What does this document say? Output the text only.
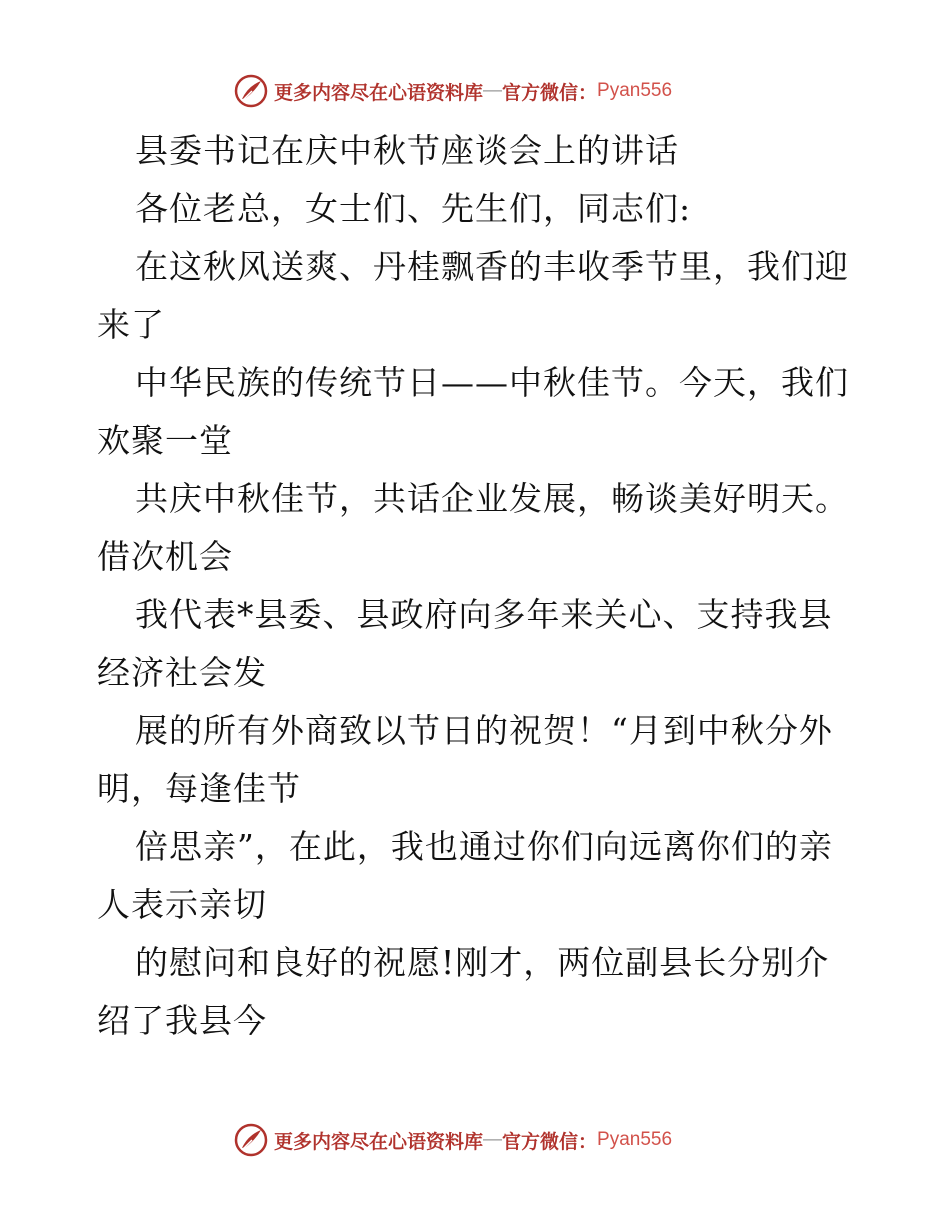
更多内容尽在心语资料库 — 官方微信： Pyan556
县委书记在庆中秋节座谈会上的讲话
各位老总，女士们、先生们，同志们:
在这秋风送爽、丹桂飘香的丰收季节里，我们迎
来了
中华民族的传统节日——中秋佳节。今天，我们
欢聚一堂
共庆中秋佳节，共话企业发展，畅谈美好明天。
借次机会
我代表*县委、县政府向多年来关心、支持我县
经济社会发
展的所有外商致以节日的祝贺！“月到中秋分外
明，每逢佳节
倍思亲”，在此，我也通过你们向远离你们的亲
人表示亲切
的慰问和良好的祝愿!刚才，两位副县长分别介
绍了我县今
更多内容尽在心语资料库 — 官方微信： Pyan556
